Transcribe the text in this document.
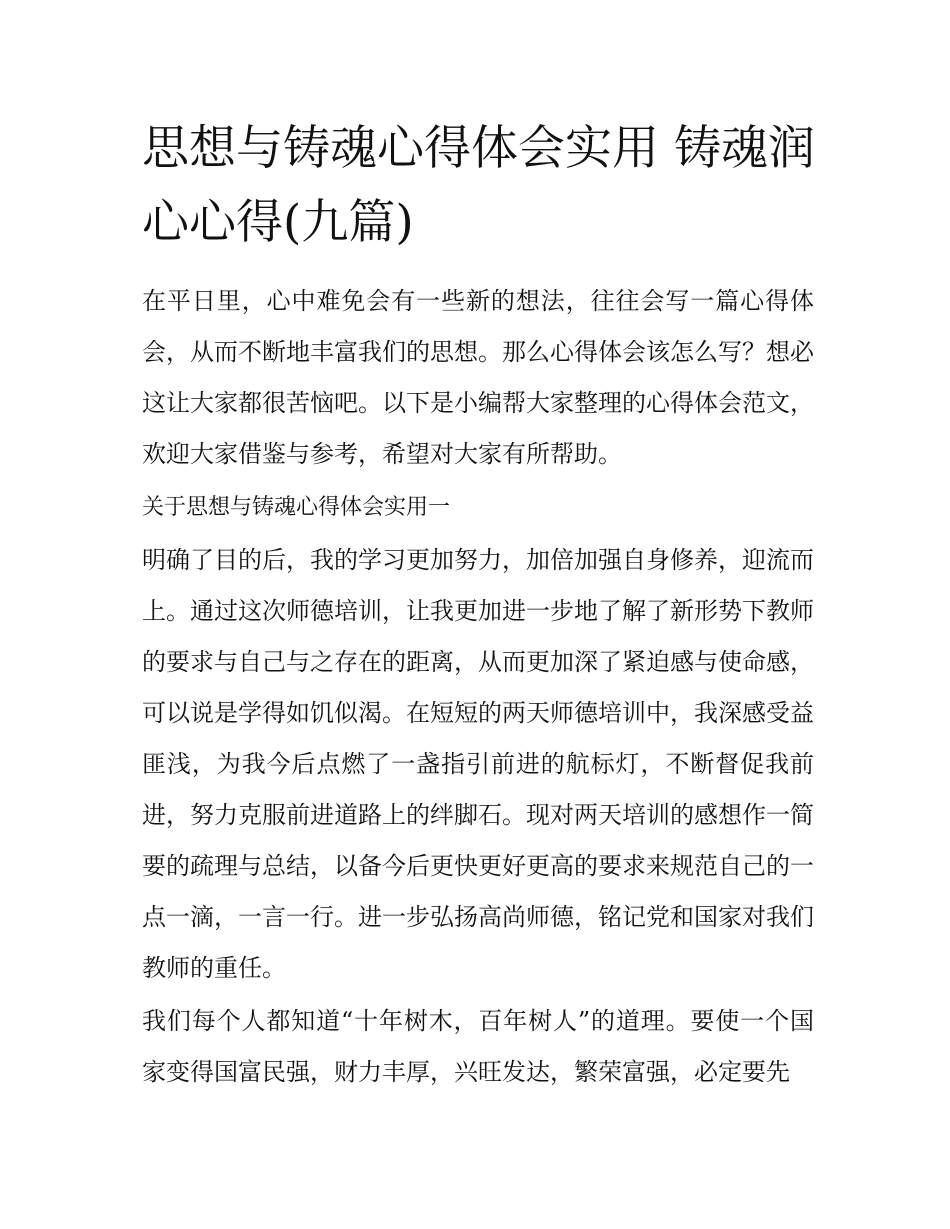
思想与铸魂心得体会实用 铸魂润心心得(九篇)

在平日里，心中难免会有一些新的想法，往往会写一篇心得体会，从而不断地丰富我们的思想。那么心得体会该怎么写？想必这让大家都很苦恼吧。以下是小编帮大家整理的心得体会范文，欢迎大家借鉴与参考，希望对大家有所帮助。

关于思想与铸魂心得体会实用一

明确了目的后，我的学习更加努力，加倍加强自身修养，迎流而上。通过这次师德培训，让我更加进一步地了解了新形势下教师的要求与自己与之存在的距离，从而更加深了紧迫感与使命感，可以说是学得如饥似渴。在短短的两天师德培训中，我深感受益匪浅，为我今后点燃了一盏指引前进的航标灯，不断督促我前进，努力克服前进道路上的绊脚石。现对两天培训的感想作一简要的疏理与总结，以备今后更快更好更高的要求来规范自己的一点一滴，一言一行。进一步弘扬高尚师德，铭记党和国家对我们教师的重任。

我们每个人都知道“十年树木，百年树人”的道理。要使一个国家变得国富民强，财力丰厚，兴旺发达，繁荣富强，必定要先
